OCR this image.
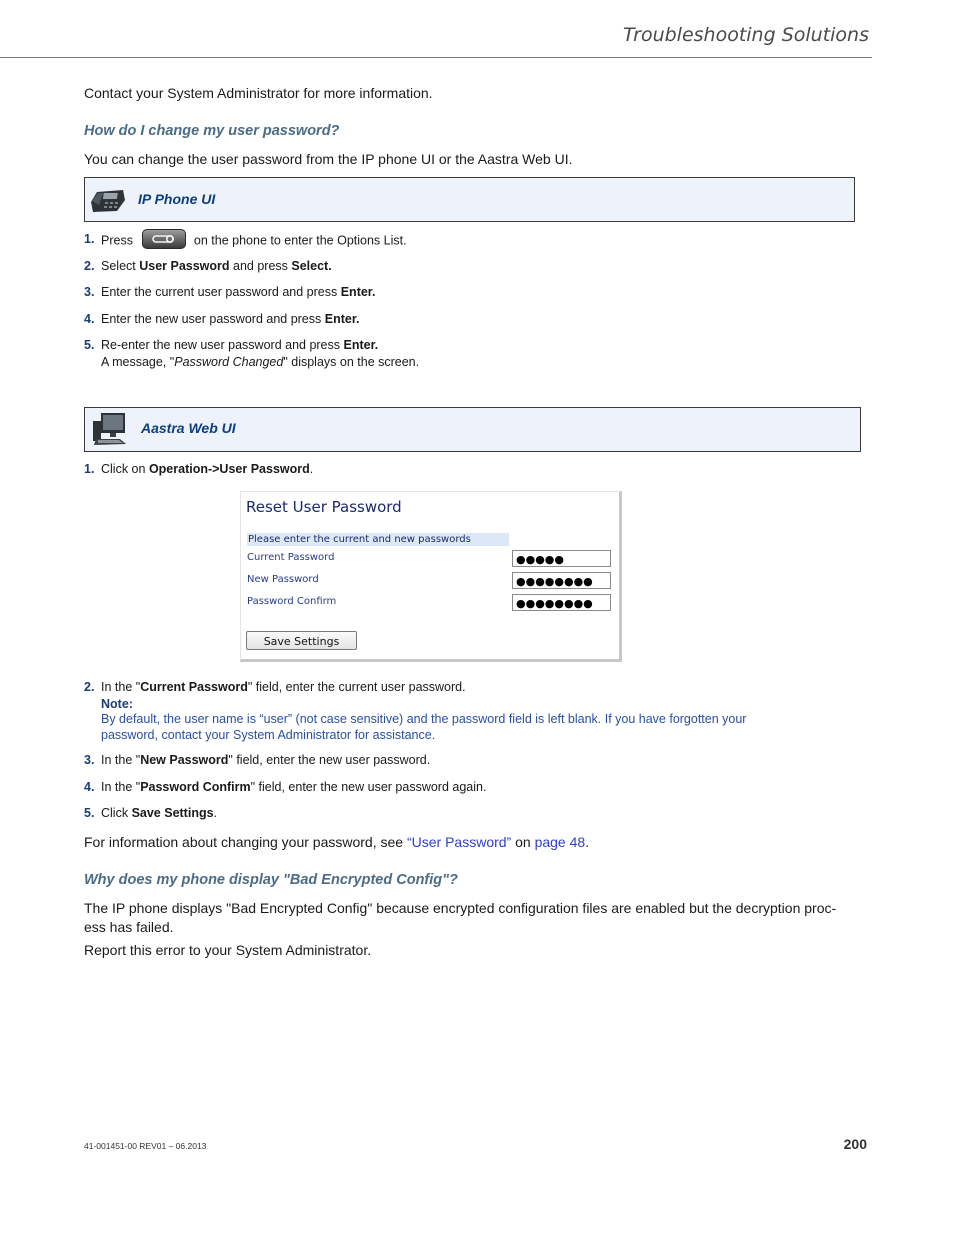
Troubleshooting Solutions
Contact your System Administrator for more information.
How do I change my user password?
You can change the user password from the IP phone UI or the Aastra Web UI.
IP Phone UI
1. Press	on the phone to enter the Options List.
2. Select User Password and press Select.
3. Enter the current user password and press Enter.
4. Enter the new user password and press Enter.
5. Re-enter the new user password and press Enter.
A message, "Password Changed" displays on the screen.
Aastra Web UI
1. Click on Operation->User Password.
Reset User Password
Please enter the current and new passwords
Current Password	●●●●●
New Password	●●●●●●●●
Password Confirm	●●●●●●●●
Save Settings
2. In the "Current Password" field, enter the current user password.
Note:
By default, the user name is “user” (not case sensitive) and the password field is left blank. If you have forgotten your password, contact your System Administrator for assistance.
3. In the "New Password" field, enter the new user password.
4. In the "Password Confirm" field, enter the new user password again.
5. Click Save Settings.
For information about changing your password, see “User Password” on page 48.
Why does my phone display "Bad Encrypted Config"?
The IP phone displays "Bad Encrypted Config" because encrypted configuration files are enabled but the decryption proc-
ess has failed.
Report this error to your System Administrator.
41-001451-00 REV01 – 06.2013	200
